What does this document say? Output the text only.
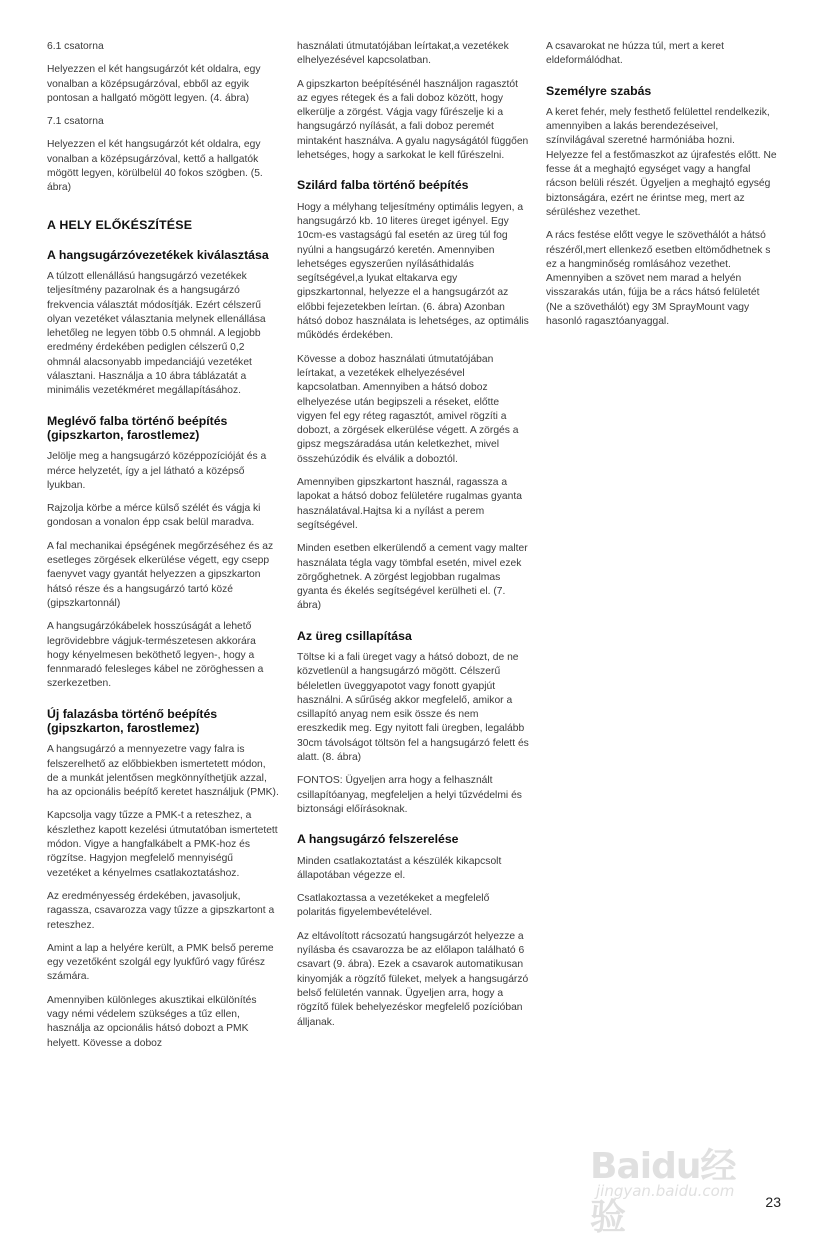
6.1 csatorna

Helyezzen el két hangsugárzót két oldalra, egy vonalban a középsugárzóval, ebből az egyik pontosan a hallgató mögött legyen. (4. ábra)

7.1 csatorna

Helyezzen el két hangsugárzót két oldalra, egy vonalban a középsugárzóval, kettő a hallgatók mögött legyen, körülbelül 40 fokos szögben. (5. ábra)

A HELY ELŐKÉSZÍTÉSE
A hangsugárzóvezetékek kiválasztása

A túlzott ellenállású hangsugárzó vezetékek teljesítmény pazarolnak és a hangsugárzó frekvencia választát módosítják. Ezért célszerű olyan vezetéket választania melynek ellenállása lehetőleg ne legyen több 0.5 ohmnál. A legjobb eredmény érdekében pediglen célszerű 0,2 ohmnál alacsonyabb impedanciájú vezetéket választani. Használja a 10 ábra táblázatát a minimális vezetékméret megállapításához.

Meglévő falba történő beépítés (gipszkarton, farostlemez)

Jelölje meg a hangsugárzó középpozícióját és a mérce helyzetét, így a jel látható a középső lyukban.

Rajzolja körbe a mérce külső szélét és vágja ki gondosan a vonalon épp csak belül maradva.

A fal mechanikai épségének megőrzéséhez és az esetleges zörgések elkerülése végett, egy csepp faenyvet vagy gyantát helyezzen a gipszkarton hátsó része és a hangsugárzó tartó közé (gipszkartonnál)

A hangsugárzókábelek hosszúságát a lehető legrövidebbre vágjuk-természetesen akkorára hogy kényelmesen beköthető legyen-, hogy a fennmaradó felesleges kábel ne zöröghessen a szerkezetben.

Új falazásba történő beépítés (gipszkarton, farostlemez)

A hangsugárzó a mennyezetre vagy falra is felszerelhető az előbbiekben ismertetett módon, de a munkát jelentősen megkönnyíthetjük azzal, ha az opcionális beépítő keretet használjuk (PMK).

Kapcsolja vagy tűzze a PMK-t a reteszhez, a készlethez kapott kezelési útmutatóban ismertetett módon. Vigye a hangfalkábelt a PMK-hoz és rögzítse. Hagyjon megfelelő mennyiségű vezetéket a kényelmes csatlakoztatáshoz.

Az eredményesség érdekében, javasoljuk, ragassza, csavarozza vagy tűzze a gipszkartont a reteszhez.

Amint a lap a helyére került, a PMK belső pereme egy vezetőként szolgál egy lyukfűró vagy fűrész számára.

Amennyiben különleges akusztikai elkülönítés vagy némi védelem szükséges a tűz ellen, használja az opcionális hátsó dobozt a PMK helyett. Kövesse a doboz

használati útmutatójában leírtakat,a vezetékek elhelyezésével kapcsolatban.

A gipszkarton beépítésénél használjon ragasztót az egyes rétegek és a fali doboz között, hogy elkerülje a zörgést. Vágja vagy fűrészelje ki a hangsugárzó nyílását, a fali doboz peremét mintaként használva. A gyalu nagyságától függően lehetséges, hogy a sarkokat le kell fűrészelni.

Szilárd falba történő beépítés

Hogy a mélyhang teljesítmény optimális legyen, a hangsugárzó kb. 10 literes üreget igényel. Egy 10cm-es vastagságú fal esetén az üreg túl fog nyúlni a hangsugárzó keretén. Amennyiben lehetséges egyszerűen nyílásáthidalás segítségével,a lyukat eltakarva egy gipszkartonnal, helyezze el a hangsugárzót az előbbi fejezetekben leírtan. (6. ábra) Azonban hátsó doboz használata is lehetséges, az optimális működés érdekében.

Kövesse a doboz használati útmutatójában leírtakat, a vezetékek elhelyezésével kapcsolatban. Amennyiben a hátsó doboz elhelyezése után begipszeli a réseket, előtte vigyen fel egy réteg ragasztót, amivel rögzíti a dobozt, a zörgések elkerülése végett. A zörgés a gipsz megszáradása után keletkezhet, mivel összehúzódik és elválik a doboztól.

Amennyiben gipszkartont használ, ragassza a lapokat a hátsó doboz felületére rugalmas gyanta használatával.Hajtsa ki a nyílást a perem segítségével.

Minden esetben elkerülendő a cement vagy malter használata tégla vagy tömbfal esetén, mivel ezek zörgőghetnek. A zörgést legjobban rugalmas gyanta és ékelés segítségével kerülheti el. (7. ábra)

Az üreg csillapítása

Töltse ki a fali üreget vagy a hátsó dobozt, de ne közvetlenül a hangsugárzó mögött. Célszerű béleletlen üveggyapotot vagy fonott gyapjút használni. A sűrűség akkor megfelelő, amikor a csillapító anyag nem esik össze és nem ereszkedik meg. Egy nyitott fali üregben, legalább 30cm távolságot töltsön fel a hangsugárzó felett és alatt. (8. ábra)

FONTOS: Ügyeljen arra hogy a felhasznált csillapítóanyag, megfeleljen a helyi tűzvédelmi és biztonsági előírásoknak.

A hangsugárzó felszerelése

Minden csatlakoztatást a készülék kikapcsolt állapotában végezze el.

Csatlakoztassa a vezetékeket a megfelelő polaritás figyelembevételével.

Az eltávolított rácsozatú hangsugárzót helyezze a nyílásba és csavarozza be az előlapon található 6 csavart (9. ábra). Ezek a csavarok automatikusan kinyomják a rögzítő füleket, melyek a hangsugárzó belső felületén vannak. Ügyeljen arra, hogy a rögzítő fülek behelyezéskor megfelelő pozícióban álljanak.

A csavarokat ne húzza túl, mert a keret eldeformálódhat.

Személyre szabás

A keret fehér, mely festhető felülettel rendelkezik, amennyiben a lakás berendezéseivel, színvilágával szeretné harmóniába hozni. Helyezze fel a festőmaszkot az újrafestés előtt. Ne fesse át a meghajtó egységet vagy a hangfal rácson belüli részét. Ügyeljen a meghajtó egység biztonságára, ezért ne érintse meg, mert az sérüléshez vezethet.

A rács festése előtt vegye le szövethálót a hátsó részéről,mert ellenkező esetben eltömődhetnek s ez a hangminőség romlásához vezethet. Amennyiben a szövet nem marad a helyén visszarakás után, fújja be a rács hátsó felületét (Ne a szövethálót) egy 3M SprayMount vagy hasonló ragasztóanyaggal.

Baidu经验
jingyan.baidu.com
23
